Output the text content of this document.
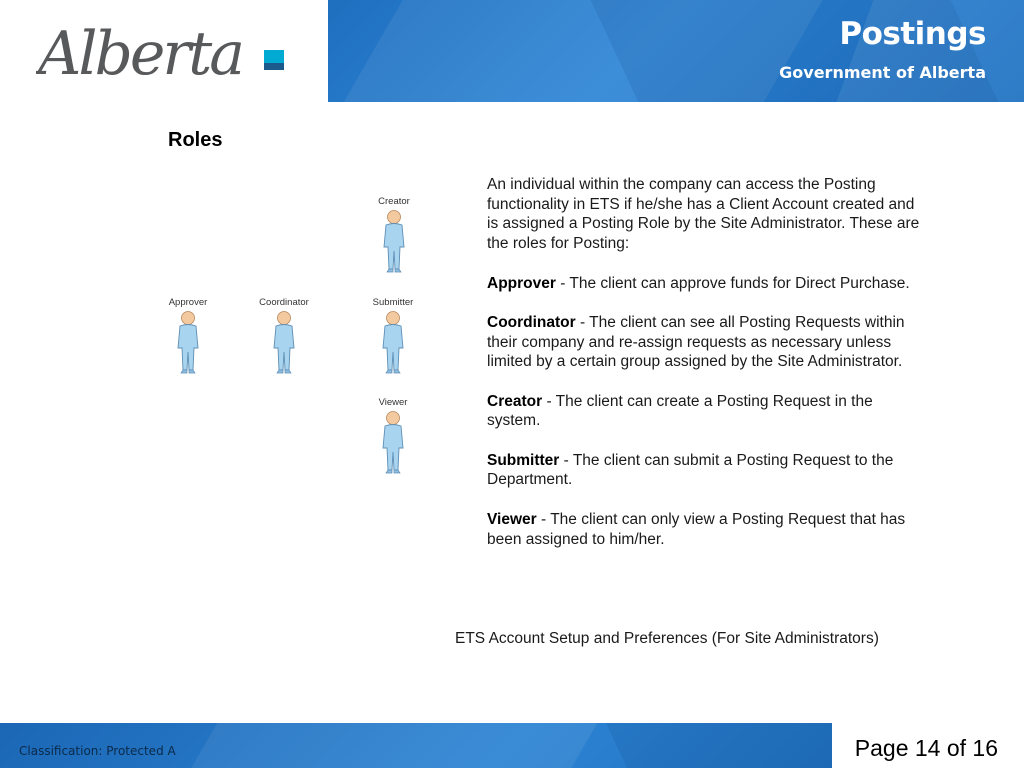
Alberta	Postings
Government of Alberta
Roles
Creator
Approver	Coordinator	Submitter
Viewer

An individual within the company can access the Posting functionality in ETS if he/she has a Client Account created and is assigned a Posting Role by the Site Administrator. These are the roles for Posting:

Approver - The client can approve funds for Direct Purchase.

Coordinator - The client can see all Posting Requests within their company and re-assign requests as necessary unless limited by a certain group assigned by the Site Administrator.

Creator - The client can create a Posting Request in the system.

Submitter - The client can submit a Posting Request to the Department.

Viewer - The client can only view a Posting Request that has been assigned to him/her.

ETS Account Setup and Preferences (For Site Administrators)
Classification: Protected A	Page 14 of 16
